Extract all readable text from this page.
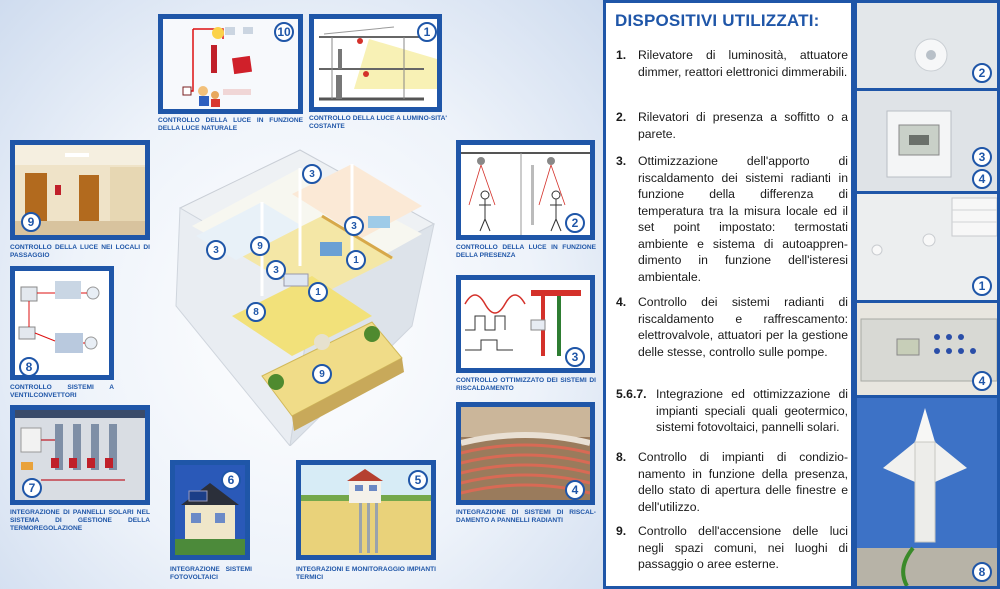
10
CONTROLLO DELLA LUCE IN FUNZIONE DELLA LUCE NATURALE
1
CONTROLLO DELLA LUCE A LUMINO-SITA' COSTANTE
9
CONTROLLO DELLA LUCE NEI LOCALI DI PASSAGGIO
2
CONTROLLO DELLA LUCE IN FUNZIONE DELLA PRESENZA
8
CONTROLLO SISTEMI A VENTILCONVETTORI
3
CONTROLLO OTTIMIZZATO DEI SISTEMI DI RISCALDAMENTO
7
INTEGRAZIONE DI PANNELLI SOLARI NEL SISTEMA DI GESTIONE DELLA TERMOREGOLAZIONE
4
INTEGRAZIONE DI SISTEMI DI RISCAL-DAMENTO A PANNELLI RADIANTI
6
INTEGRAZIONE SISTEMI FOTOVOLTAICI
5
INTEGRAZIONI E MONITORAGGIO IMPIANTI TERMICI
3
9
3
3
1
3
1
8
9
DISPOSITIVI UTILIZZATI:
1. Rilevatore di luminosità, attuatore dimmer, reattori elettronici dimmerabili.
2. Rilevatori di presenza a soffitto o a parete.
3. Ottimizzazione dell'apporto di riscaldamento dei sistemi radianti in funzione della differenza di temperatura tra la misura locale ed il set point impostato: termostati ambiente e sistema di autoappren-dimento in funzione dell'isteresi ambientale.
4. Controllo dei sistemi radianti di riscaldamento e raffrescamento: elettrovalvole, attuatori per la gestione delle stesse, controllo sulle pompe.
5.6.7. Integrazione ed ottimizzazione di impianti speciali quali geotermico, sistemi fotovoltaici, pannelli solari.
8. Controllo di impianti di condizio-namento in funzione della presenza, dello stato di apertura delle finestre e dell'utilizzo.
9. Controllo dell'accensione delle luci negli spazi comuni, nei luoghi di passaggio o aree esterne.
2
3
4
1
4
8
